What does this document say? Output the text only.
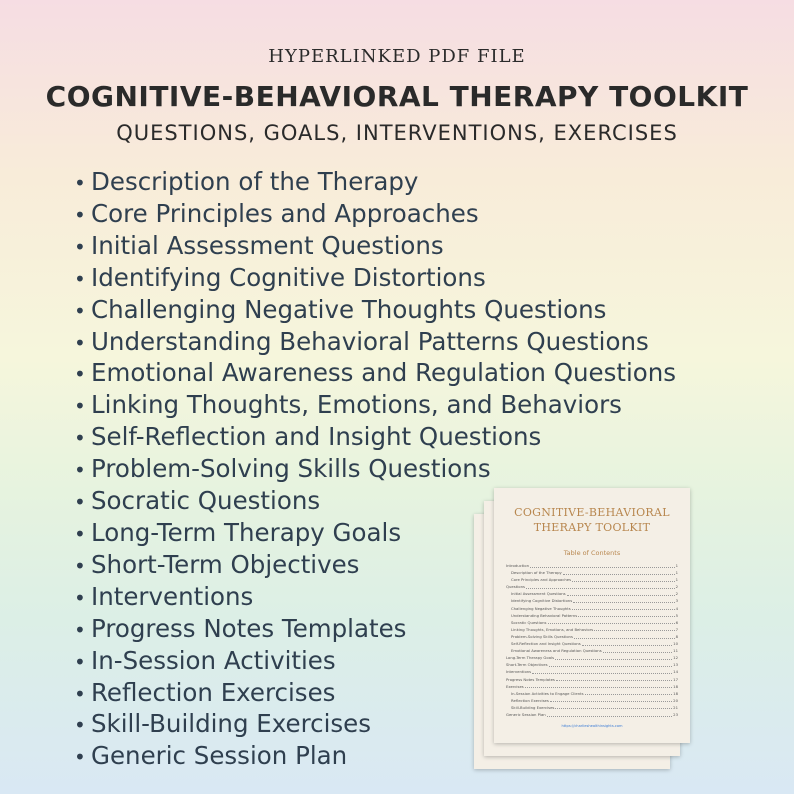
HYPERLINKED PDF FILE
COGNITIVE-BEHAVIORAL THERAPY TOOLKIT
QUESTIONS, GOALS, INTERVENTIONS, EXERCISES
• Description of the Therapy
• Core Principles and Approaches
• Initial Assessment Questions
• Identifying Cognitive Distortions
• Challenging Negative Thoughts Questions
• Understanding Behavioral Patterns Questions
• Emotional Awareness and Regulation Questions
• Linking Thoughts, Emotions, and Behaviors
• Self-Reflection and Insight Questions
• Problem-Solving Skills Questions
• Socratic Questions
• Long-Term Therapy Goals
• Short-Term Objectives
• Interventions
• Progress Notes Templates
• In-Session Activities
• Reflection Exercises
• Skill-Building Exercises
• Generic Session Plan
COGNITIVE-BEHAVIORAL
THERAPY TOOLKIT
Table of Contents
Introduction	1
Description of the Therapy	1
Core Principles and Approaches	1
Questions	2
Initial Assessment Questions	2
Identifying Cognitive Distortions	3
Challenging Negative Thoughts	4
Understanding Behavioral Patterns	5
Socratic Questions	6
Linking Thoughts, Emotions, and Behaviors	7
Problem-Solving Skills Questions	8
Self-Reflection and Insight Questions	10
Emotional Awareness and Regulation Questions	11
Long-Term Therapy Goals	12
Short-Term Objectives	13
Interventions	14
Progress Notes Templates	17
Exercises	18
In-Session Activities to Engage Clients	18
Reflection Exercises	20
Skill-Building Exercises	21
Generic Session Plan	23
https://charlieshealthinsights.com
